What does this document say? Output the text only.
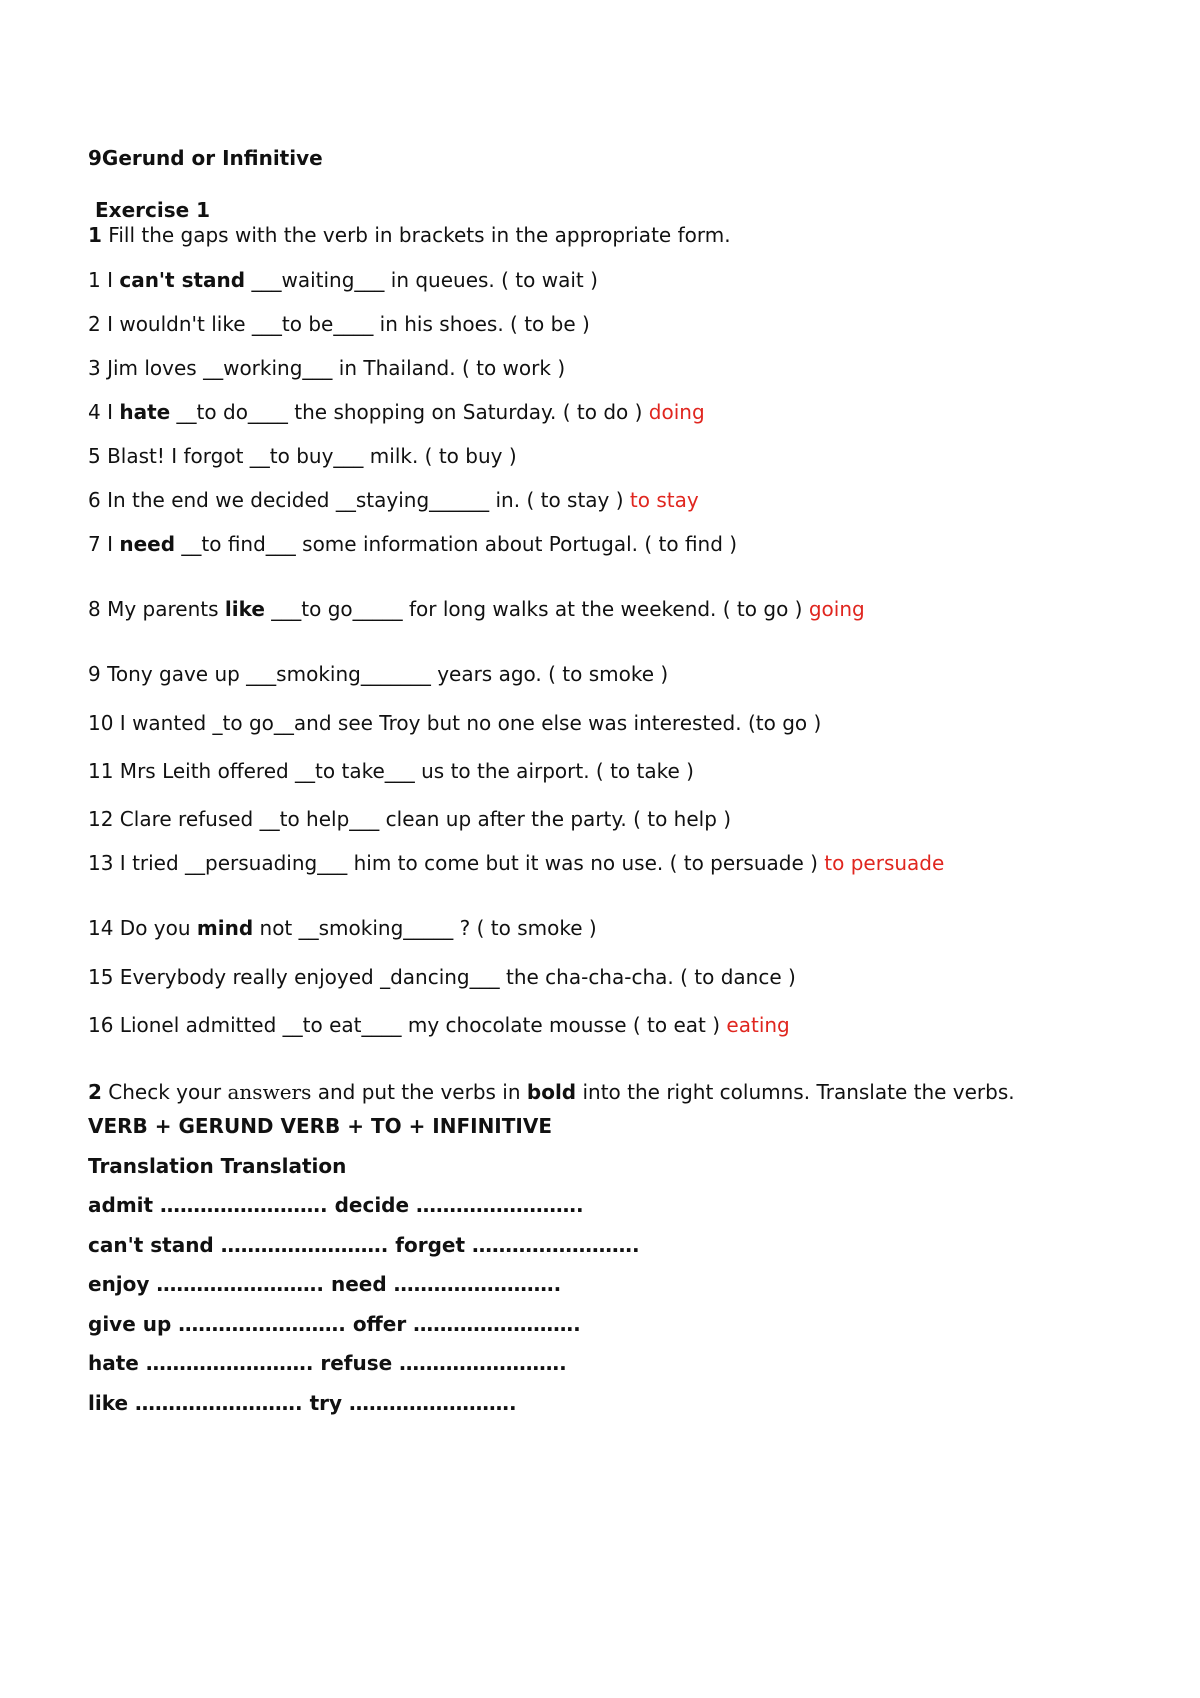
9Gerund or Infinitive
Exercise 1
1 Fill the gaps with the verb in brackets in the appropriate form.
1 I can't stand ___waiting___ in queues. ( to wait )
2 I wouldn't like ___to be____ in his shoes. ( to be )
3 Jim loves __working___ in Thailand. ( to work )
4 I hate __to do____ the shopping on Saturday. ( to do ) doing
5 Blast! I forgot __to buy___ milk. ( to buy )
6 In the end we decided __staying______ in. ( to stay ) to stay
7 I need __to find___ some information about Portugal. ( to find )
8 My parents like ___to go_____ for long walks at the weekend. ( to go ) going
9 Tony gave up ___smoking_______ years ago. ( to smoke )
10 I wanted _to go__and see Troy but no one else was interested. (to go )
11 Mrs Leith offered __to take___ us to the airport. ( to take )
12 Clare refused __to help___ clean up after the party. ( to help )
13 I tried __persuading___ him to come but it was no use. ( to persuade ) to persuade
14 Do you mind not __smoking_____ ? ( to smoke )
15 Everybody really enjoyed _dancing___ the cha-cha-cha. ( to dance )
16 Lionel admitted __to eat____ my chocolate mousse ( to eat ) eating
2 Check your answers and put the verbs in bold into the right columns. Translate the verbs.
VERB + GERUND VERB + TO + INFINITIVE
Translation Translation
admit ……………………. decide …………………….
can't stand ……………………. forget …………………….
enjoy ……………………. need …………………….
give up ……………………. offer …………………….
hate ……………………. refuse …………………….
like ……………………. try …………………….
